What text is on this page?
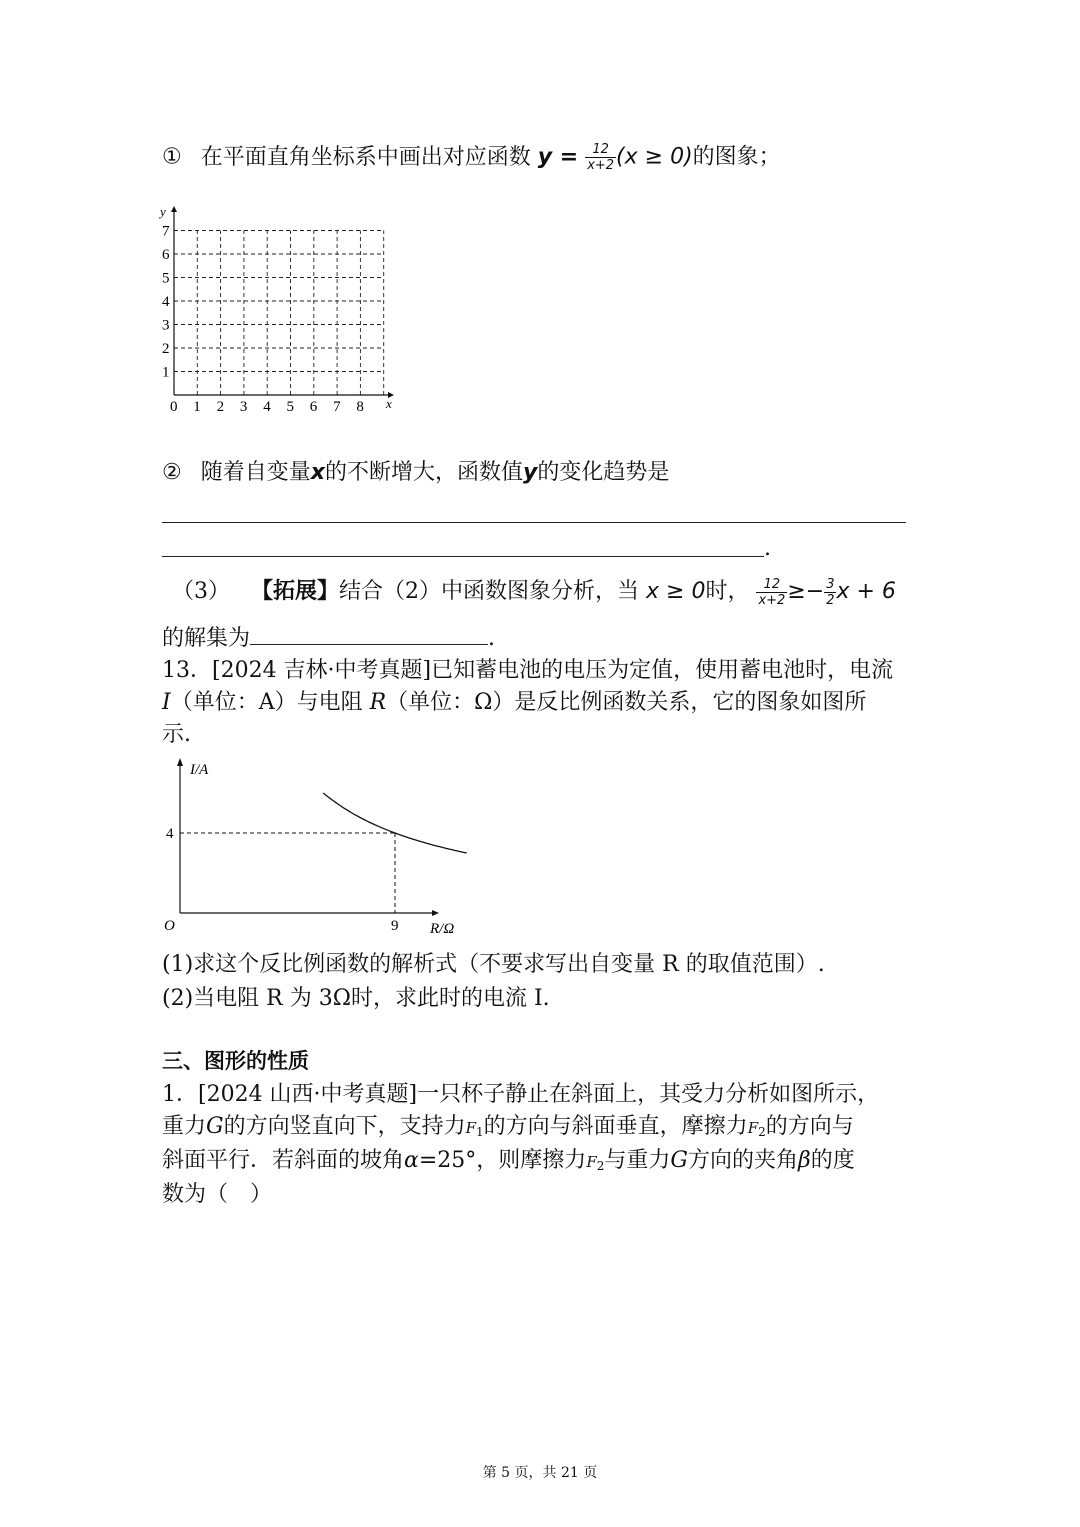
① 在平面直角坐标系中画出对应函数 $y = \frac{12}{x+2} (x \ge 0)$的图象；
y
x
0 1 2 3 4 5 6 7 8
1
2
3
4
5
6
7
② 随着自变量x的不断增大，函数值y的变化趋势是
.
（3） 【拓展】结合（2）中函数图象分析，当 x ≥ 0时， $\frac{12}{x+2} \ge- \frac{3}{2}$ x + 6
的解集为	.
13．[2024 吉林·中考真题]已知蓄电池的电压为定值，使用蓄电池时，电流
I（单位：A）与电阻 R（单位：Ω）是反比例函数关系，它的图象如图所
示.
I/A
R/Ω
O
4
9
(1)求这个反比例函数的解析式（不要求写出自变量 R 的取值范围）.
(2)当电阻 R 为 3Ω时，求此时的电流 I.
三、图形的性质
1．[2024 山西·中考真题]一只杯子静止在斜面上，其受力分析如图所示，
重力G的方向竖直向下，支持力$F_1$的方向与斜面垂直，摩擦力$F_2$的方向与
斜面平行．若斜面的坡角α=25°，则摩擦力$F_2$与重力G方向的夹角β的度
数为（　）
第 5 页，共 21 页
